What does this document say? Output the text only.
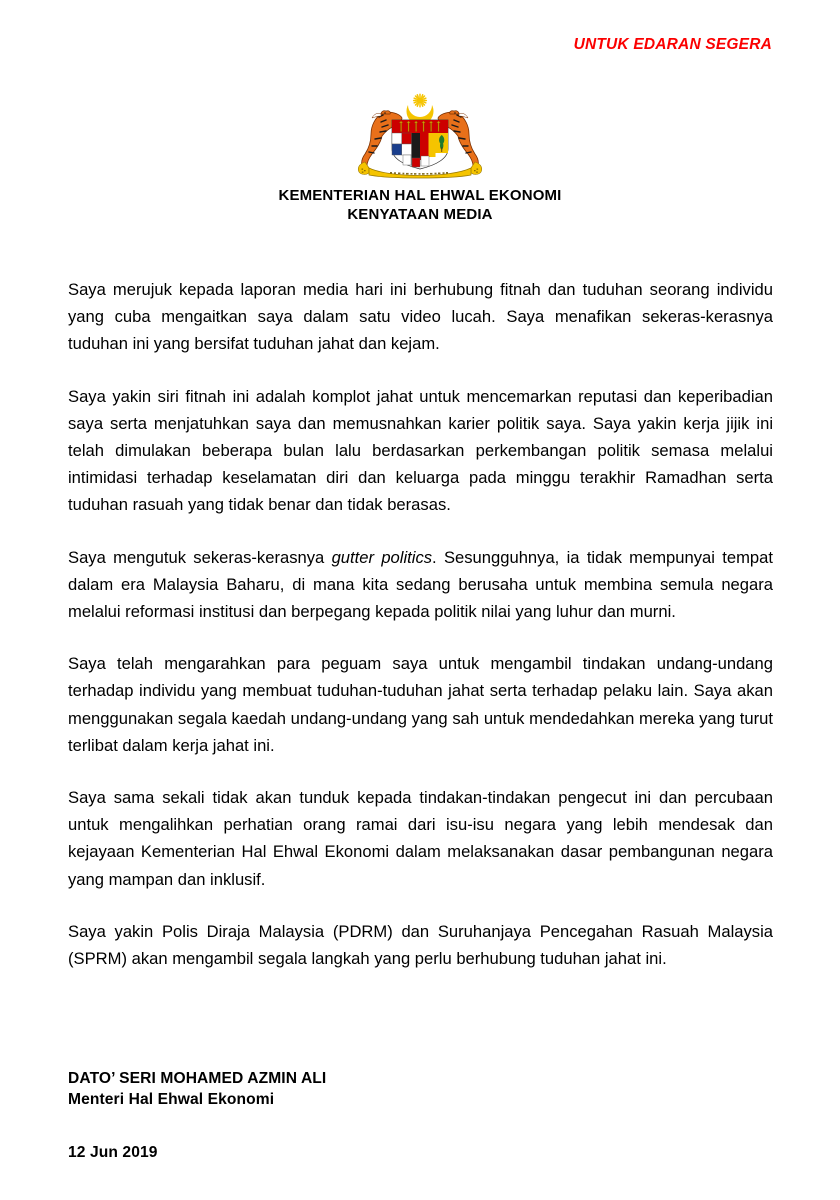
UNTUK EDARAN SEGERA
KEMENTERIAN HAL EHWAL EKONOMI
KENYATAAN MEDIA

Saya merujuk kepada laporan media hari ini berhubung fitnah dan tuduhan seorang individu yang cuba mengaitkan saya dalam satu video lucah. Saya menafikan sekeras-kerasnya tuduhan ini yang bersifat tuduhan jahat dan kejam.

Saya yakin siri fitnah ini adalah komplot jahat untuk mencemarkan reputasi dan keperibadian saya serta menjatuhkan saya dan memusnahkan karier politik saya. Saya yakin kerja jijik ini telah dimulakan beberapa bulan lalu berdasarkan perkembangan politik semasa melalui intimidasi terhadap keselamatan diri dan keluarga pada minggu terakhir Ramadhan serta tuduhan rasuah yang tidak benar dan tidak berasas.

Saya mengutuk sekeras-kerasnya gutter politics. Sesungguhnya, ia tidak mempunyai tempat dalam era Malaysia Baharu, di mana kita sedang berusaha untuk membina semula negara melalui reformasi institusi dan berpegang kepada politik nilai yang luhur dan murni.

Saya telah mengarahkan para peguam saya untuk mengambil tindakan undang-undang terhadap individu yang membuat tuduhan-tuduhan jahat serta terhadap pelaku lain. Saya akan menggunakan segala kaedah undang-undang yang sah untuk mendedahkan mereka yang turut terlibat dalam kerja jahat ini.

Saya sama sekali tidak akan tunduk kepada tindakan-tindakan pengecut ini dan percubaan untuk mengalihkan perhatian orang ramai dari isu-isu negara yang lebih mendesak dan kejayaan Kementerian Hal Ehwal Ekonomi dalam melaksanakan dasar pembangunan negara yang mampan dan inklusif.

Saya yakin Polis Diraja Malaysia (PDRM) dan Suruhanjaya Pencegahan Rasuah Malaysia (SPRM) akan mengambil segala langkah yang perlu berhubung tuduhan jahat ini.

DATO’ SERI MOHAMED AZMIN ALI
Menteri Hal Ehwal Ekonomi
12 Jun 2019
